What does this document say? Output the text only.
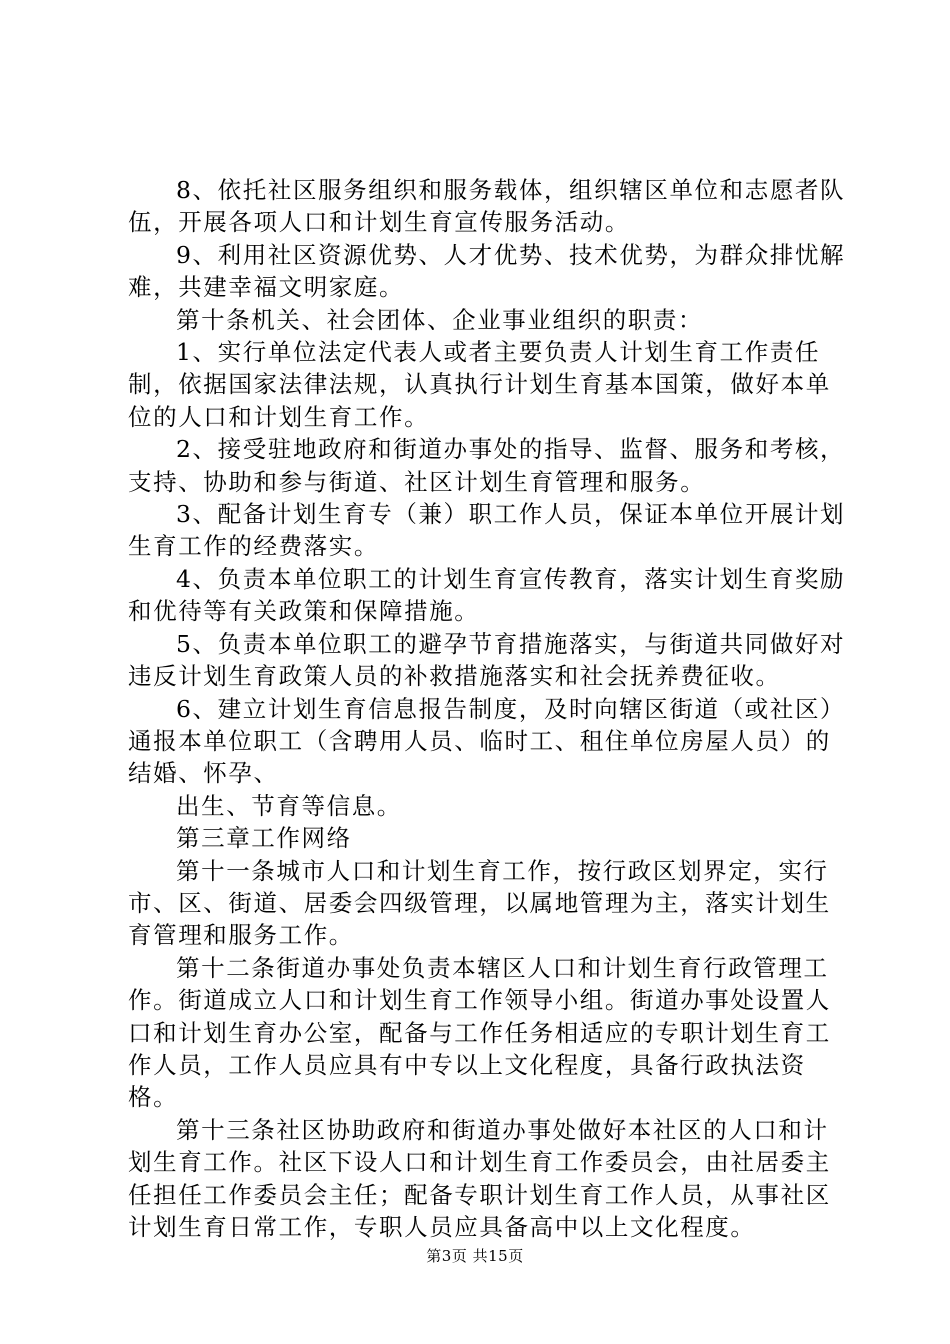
8、依托社区服务组织和服务载体，组织辖区单位和志愿者队伍，开展各项人口和计划生育宣传服务活动。

9、利用社区资源优势、人才优势、技术优势，为群众排忧解难，共建幸福文明家庭。

第十条机关、社会团体、企业事业组织的职责：

1、实行单位法定代表人或者主要负责人计划生育工作责任制，依据国家法律法规，认真执行计划生育基本国策，做好本单位的人口和计划生育工作。

2、接受驻地政府和街道办事处的指导、监督、服务和考核，支持、协助和参与街道、社区计划生育管理和服务。

3、配备计划生育专（兼）职工作人员，保证本单位开展计划生育工作的经费落实。

4、负责本单位职工的计划生育宣传教育，落实计划生育奖励和优待等有关政策和保障措施。

5、负责本单位职工的避孕节育措施落实，与街道共同做好对违反计划生育政策人员的补救措施落实和社会抚养费征收。

6、建立计划生育信息报告制度，及时向辖区街道（或社区）通报本单位职工（含聘用人员、临时工、租住单位房屋人员）的结婚、怀孕、

出生、节育等信息。

第三章工作网络

第十一条城市人口和计划生育工作，按行政区划界定，实行市、区、街道、居委会四级管理，以属地管理为主，落实计划生育管理和服务工作。

第十二条街道办事处负责本辖区人口和计划生育行政管理工作。街道成立人口和计划生育工作领导小组。街道办事处设置人口和计划生育办公室，配备与工作任务相适应的专职计划生育工作人员，工作人员应具有中专以上文化程度，具备行政执法资格。

第十三条社区协助政府和街道办事处做好本社区的人口和计划生育工作。社区下设人口和计划生育工作委员会，由社居委主任担任工作委员会主任；配备专职计划生育工作人员，从事社区计划生育日常工作，专职人员应具备高中以上文化程度。

第3页 共15页
